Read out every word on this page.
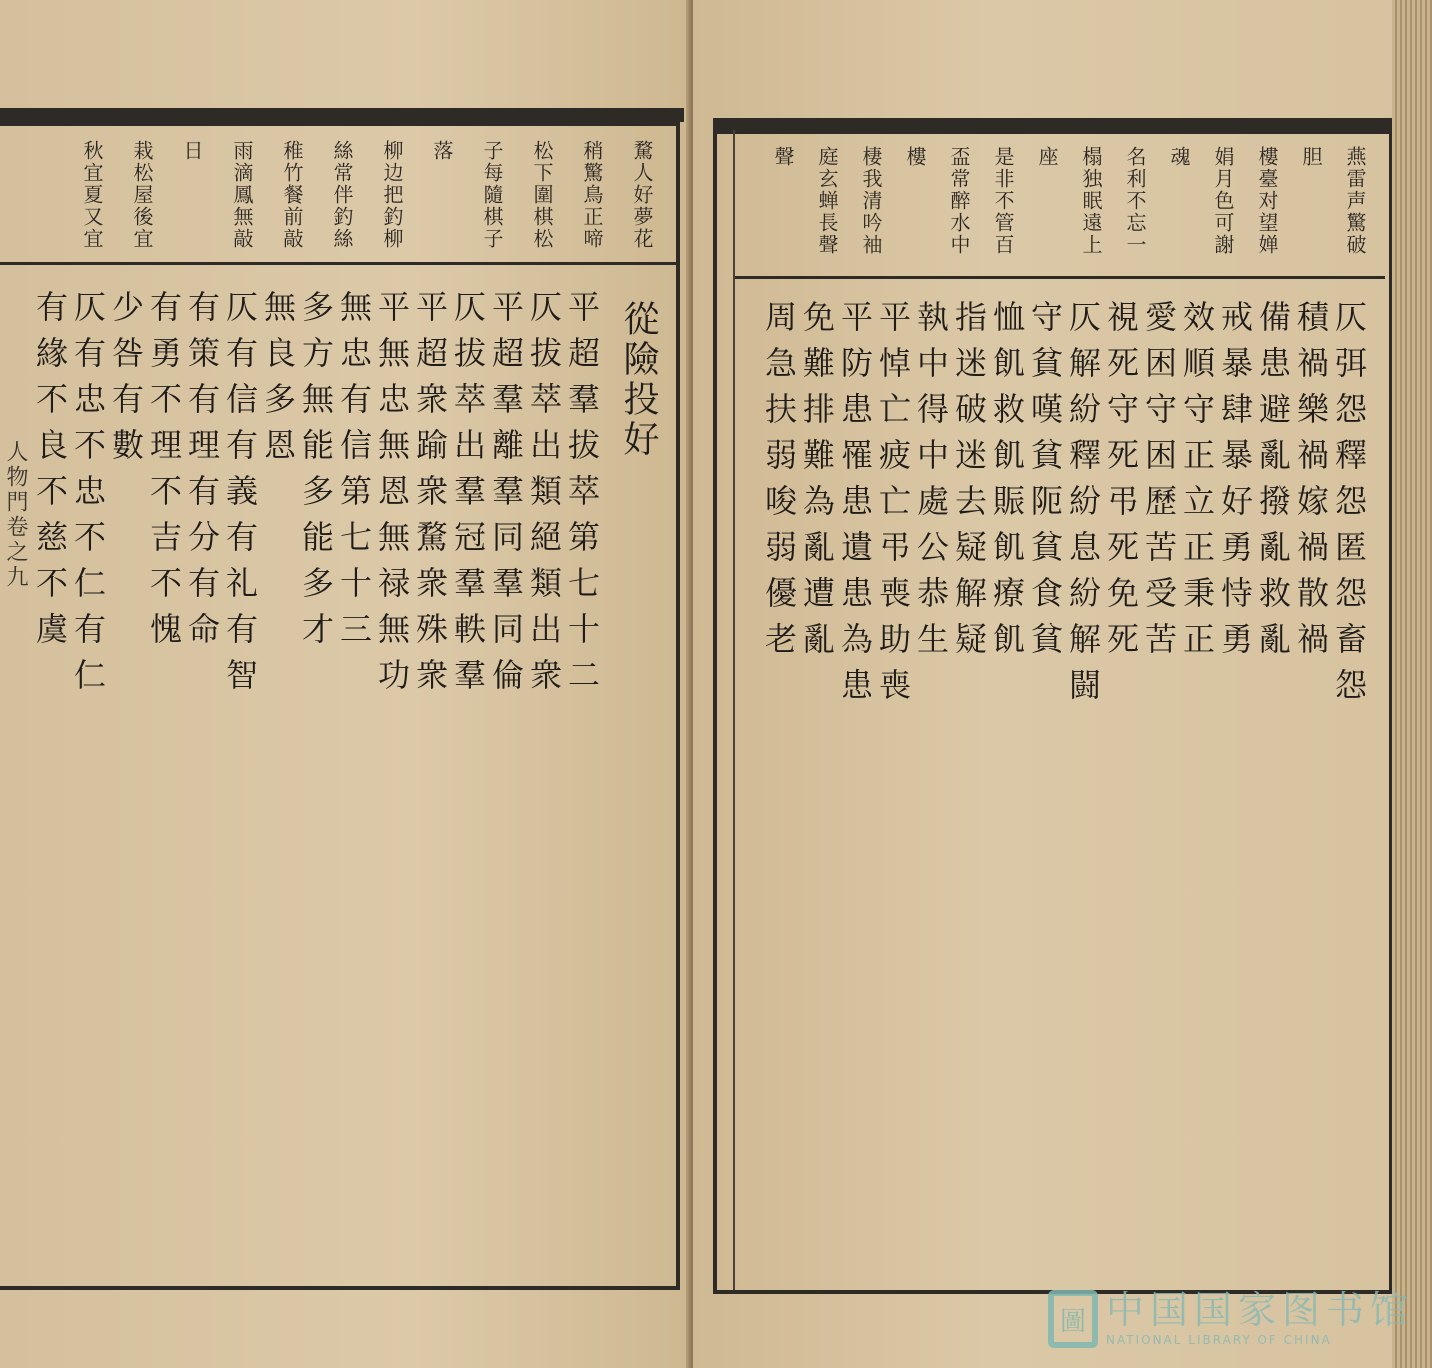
騖人好夢花
稍驚鳥正啼
松下圍棋松
子每隨棋子
落
柳边把釣柳
絲常伴釣絲
稚竹餐前敲
雨滴鳳無敲
日
栽松屋後宜
秋宜夏又宜
從險投好
平超羣拔萃第七十二
仄拔萃出類絕類出衆
平超羣離羣同羣同倫
仄拔萃出羣冠羣軼羣
平超衆踰衆騖衆殊衆
平無忠無恩無禄無功
無忠有信第七十三
多方無能多能多才
無良多恩
仄有信有義有礼有智
有策有理有分有命
有勇不理不吉不愧
少咎有數
仄有忠不忠不仁有仁
有緣不良不慈不虞
人物門卷之九
燕雷声驚破
胆
樓臺对望婵
娟月色可謝
魂
名利不忘一
榻独眠遠上
座
是非不管百
盃常醉水中
樓
棲我清吟袖
庭玄蝉長聲
聲
仄弭怨釋怨匿怨畜怨
積禍樂禍嫁禍散禍
備患避亂撥亂救亂
戒暴肆暴好勇恃勇
效順守正立正秉正
愛困守困歷苦受苦
視死守死弔死免死
仄解紛釋紛息紛解闘
守貧嘆貧阨貧食貧
恤飢救飢賑飢療飢
指迷破迷去疑解疑
執中得中處公恭生
平悼亡疲亡弔喪助喪
平防患罹患遺患為患
免難排難為亂遭亂
周急扶弱唆弱優老
圖 中国国家图书馆
NATIONAL LIBRARY OF CHINA
